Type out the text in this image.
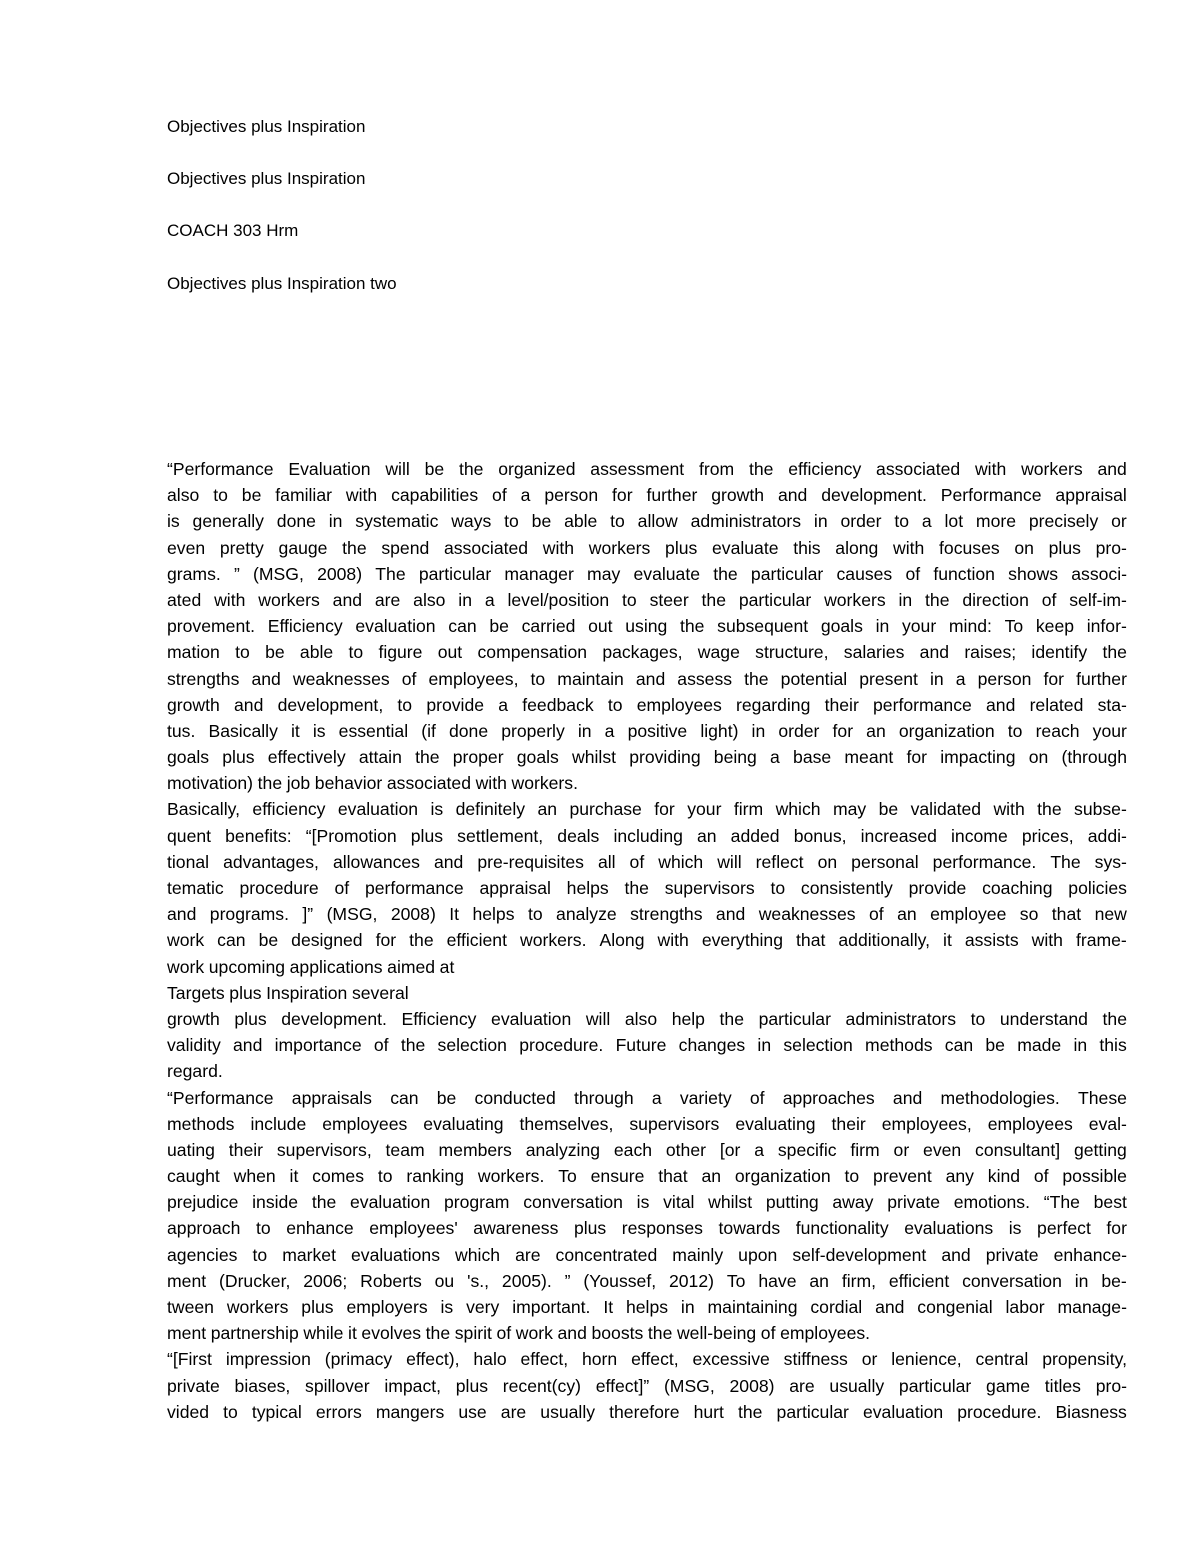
Objectives plus Inspiration
Objectives plus Inspiration
COACH 303 Hrm
Objectives plus Inspiration two
“Performance Evaluation will be the organized assessment from the efficiency associated with workers and
also to be familiar with capabilities of a person for further growth and development. Performance appraisal
is generally done in systematic ways to be able to allow administrators in order to a lot more precisely or
even pretty gauge the spend associated with workers plus evaluate this along with focuses on plus pro-
grams. ” (MSG, 2008) The particular manager may evaluate the particular causes of function shows associ-
ated with workers and are also in a level/position to steer the particular workers in the direction of self-im-
provement. Efficiency evaluation can be carried out using the subsequent goals in your mind: To keep infor-
mation to be able to figure out compensation packages, wage structure, salaries and raises; identify the
strengths and weaknesses of employees, to maintain and assess the potential present in a person for further
growth and development, to provide a feedback to employees regarding their performance and related sta-
tus. Basically it is essential (if done properly in a positive light) in order for an organization to reach your
goals plus effectively attain the proper goals whilst providing being a base meant for impacting on (through
motivation) the job behavior associated with workers.
Basically, efficiency evaluation is definitely an purchase for your firm which may be validated with the subse-
quent benefits: “[Promotion plus settlement, deals including an added bonus, increased income prices, addi-
tional advantages, allowances and pre-requisites all of which will reflect on personal performance. The sys-
tematic procedure of performance appraisal helps the supervisors to consistently provide coaching policies
and programs. ]” (MSG, 2008) It helps to analyze strengths and weaknesses of an employee so that new
work can be designed for the efficient workers. Along with everything that additionally, it assists with frame-
work upcoming applications aimed at
Targets plus Inspiration several
growth plus development. Efficiency evaluation will also help the particular administrators to understand the
validity and importance of the selection procedure. Future changes in selection methods can be made in this
regard.
“Performance appraisals can be conducted through a variety of approaches and methodologies. These
methods include employees evaluating themselves, supervisors evaluating their employees, employees eval-
uating their supervisors, team members analyzing each other [or a specific firm or even consultant] getting
caught when it comes to ranking workers. To ensure that an organization to prevent any kind of possible
prejudice inside the evaluation program conversation is vital whilst putting away private emotions. “The best
approach to enhance employees' awareness plus responses towards functionality evaluations is perfect for
agencies to market evaluations which are concentrated mainly upon self-development and private enhance-
ment (Drucker, 2006; Roberts ou 's., 2005). ” (Youssef, 2012) To have an firm, efficient conversation in be-
tween workers plus employers is very important. It helps in maintaining cordial and congenial labor manage-
ment partnership while it evolves the spirit of work and boosts the well-being of employees.
“[First impression (primacy effect), halo effect, horn effect, excessive stiffness or lenience, central propensity,
private biases, spillover impact, plus recent(cy) effect]” (MSG, 2008) are usually particular game titles pro-
vided to typical errors mangers use are usually therefore hurt the particular evaluation procedure. Biasness
